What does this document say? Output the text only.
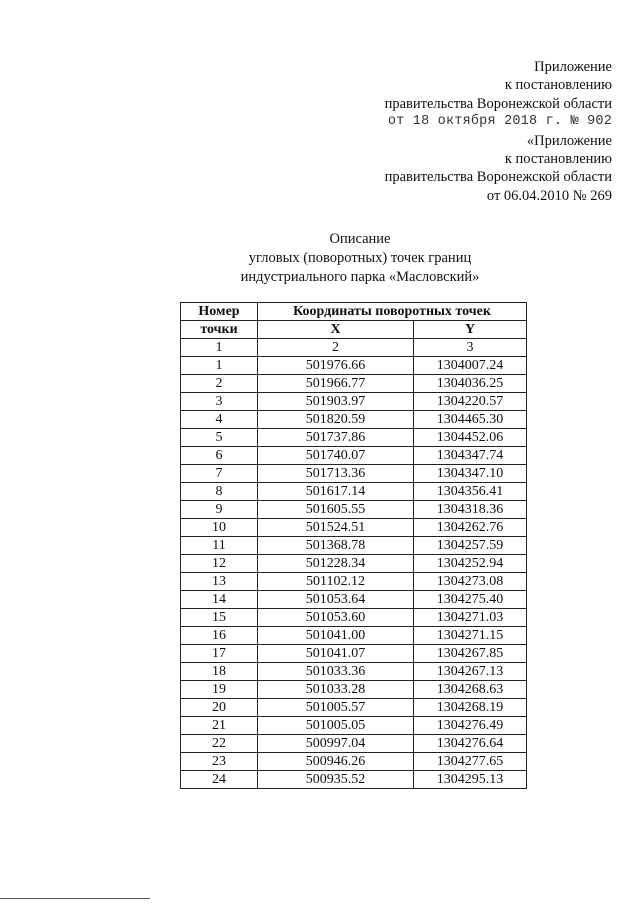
Приложение
к постановлению
правительства Воронежской области
от 18 октября 2018 г. № 902
«Приложение
к постановлению
правительства Воронежской области
от 06.04.2010 № 269
Описание
угловых (поворотных) точек границ
индустриального парка «Масловский»
Номер	Координаты поворотных точек	
точки	X	Y
1	2	3
1	501976.66	1304007.24
2	501966.77	1304036.25
3	501903.97	1304220.57
4	501820.59	1304465.30
5	501737.86	1304452.06
6	501740.07	1304347.74
7	501713.36	1304347.10
8	501617.14	1304356.41
9	501605.55	1304318.36
10	501524.51	1304262.76
11	501368.78	1304257.59
12	501228.34	1304252.94
13	501102.12	1304273.08
14	501053.64	1304275.40
15	501053.60	1304271.03
16	501041.00	1304271.15
17	501041.07	1304267.85
18	501033.36	1304267.13
19	501033.28	1304268.63
20	501005.57	1304268.19
21	501005.05	1304276.49
22	500997.04	1304276.64
23	500946.26	1304277.65
24	500935.52	1304295.13
